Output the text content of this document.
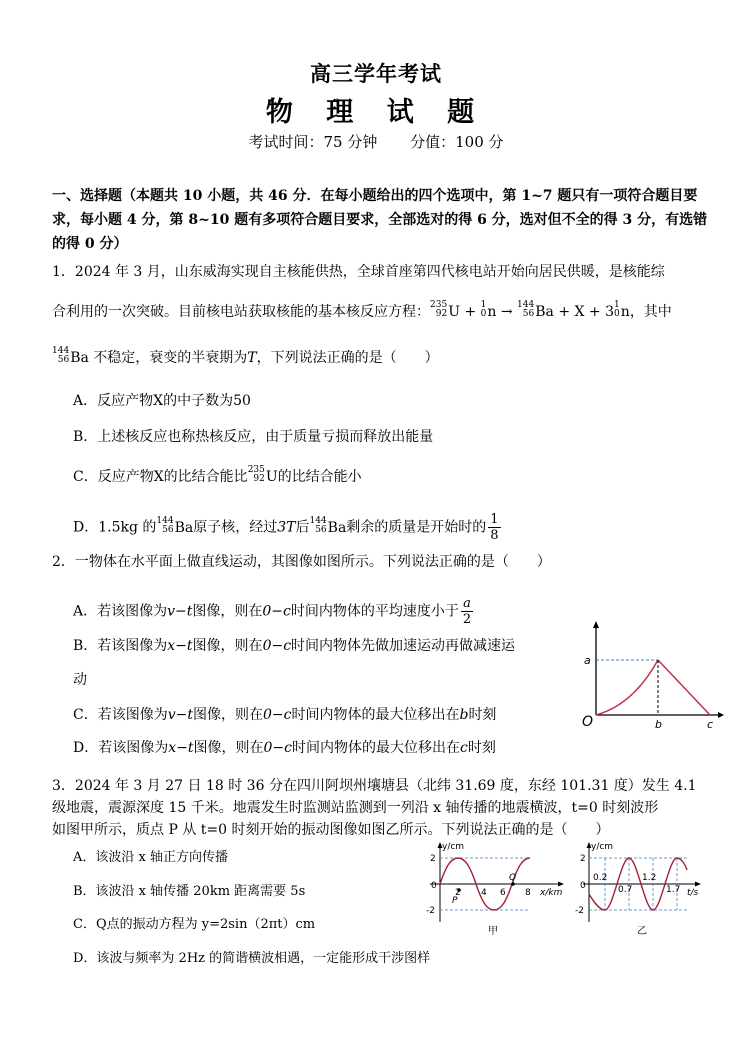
高三学年考试
物 理 试 题
考试时间：75 分钟 分值：100 分
一、选择题（本题共 10 小题，共 46 分．在每小题给出的四个选项中，第 1~7 题只有一项符合题目要求，每小题 4 分，第 8~10 题有多项符合题目要求，全部选对的得 6 分，选对但不全的得 3 分，有选错的得 0 分）
1．2024 年 3 月，山东威海实现自主核能供热，全球首座第四代核电站开始向居民供暖，是核能综
合利用的一次突破。目前核电站获取核能的基本核反应方程： 235
92 U + 1
0 n → 144
56 Ba + X + 3 1
0 n，其中
144
56 Ba 不稳定，衰变的半衰期为T，下列说法正确的是（　　）
A．反应产物X的中子数为50
B．上述核反应也称热核反应，由于质量亏损而释放出能量
C．反应产物X的比结合能比 235
92 U的比结合能小
D．1.5kg 的 144
56 Ba原子核，经过3T后 144
56 Ba剩余的质量是开始时的 $\frac{1}{8}$
2．一物体在水平面上做直线运动，其图像如图所示。下列说法正确的是（　　）
A．若该图像为v−t图像，则在0−c时间内物体的平均速度小于 $\frac{a}{2}$
B．若该图像为x−t图像，则在0−c时间内物体先做加速运动再做减速运
动
C．若该图像为v−t图像，则在0−c时间内物体的最大位移出在b时刻
D．若该图像为x−t图像，则在0−c时间内物体的最大位移出在c时刻
a
b	c
O
3．2024 年 3 月 27 日 18 时 36 分在四川阿坝州壤塘县（北纬 31.69 度，东经 101.31 度）发生 4.1
级地震，震源深度 15 千米。地震发生时监测站监测到一列沿 x 轴传播的地震横波，t=0 时刻波形
如图甲所示，质点 P 从 t=0 时刻开始的振动图像如图乙所示。下列说法正确的是（　　）
A．该波沿 x 轴正方向传播
B．该波沿 x 轴传播 20km 距离需要 5s
C．Q点的振动方程为 y=2sin（2πt）cm
D．该波与频率为 2Hz 的简谐横波相遇，一定能形成干涉图样
y/cm
x/km
2
-2
0
2 4 6 8
P
Q
甲
y/cm
t/s
2
-2
0
0.2
0.7
1.2
1.7
乙
